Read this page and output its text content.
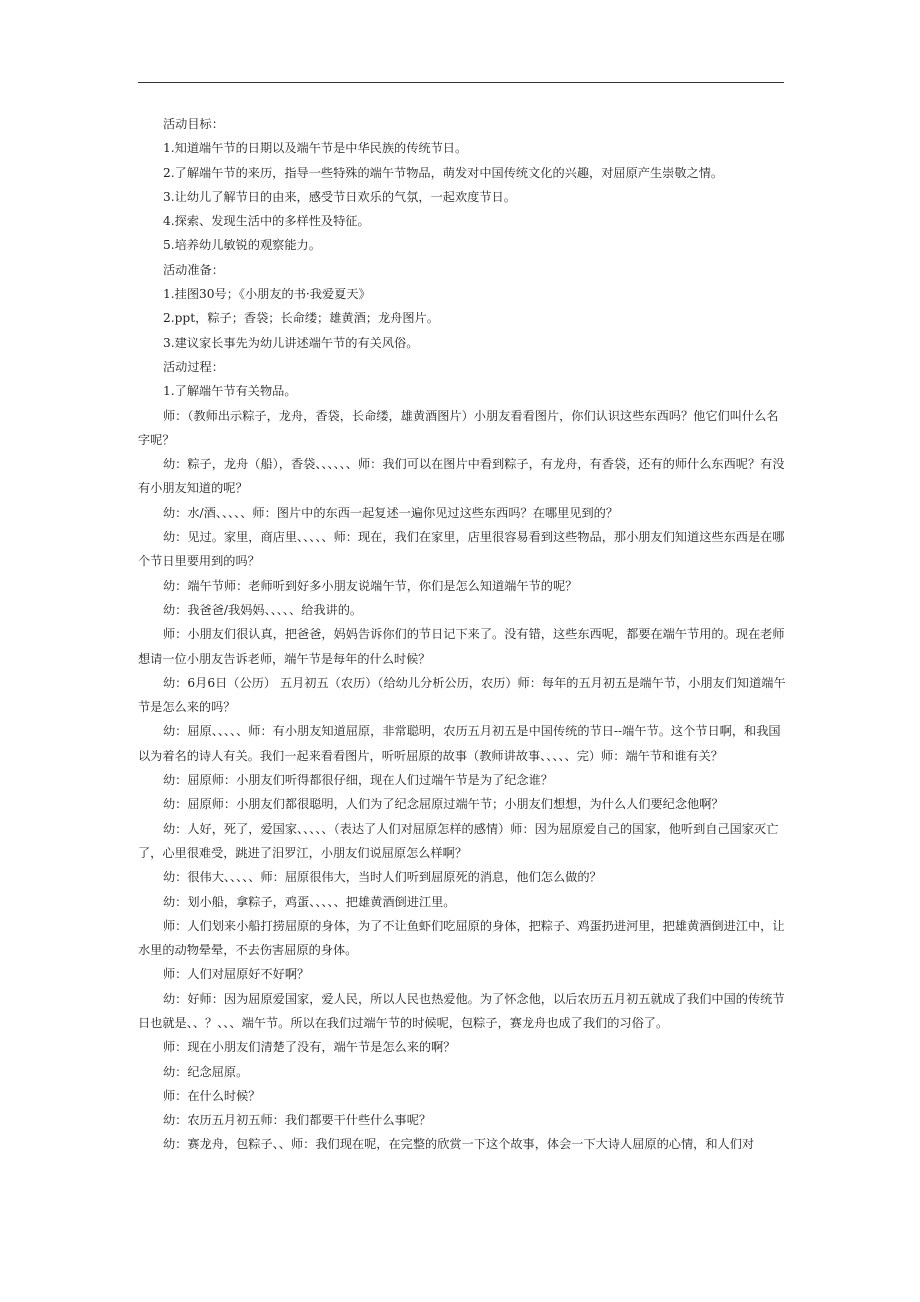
活动目标：

1.知道端午节的日期以及端午节是中华民族的传统节日。

2.了解端午节的来历，指导一些特殊的端午节物品，萌发对中国传统文化的兴趣，对屈原产生崇敬之情。

3.让幼儿了解节日的由来，感受节日欢乐的气氛，一起欢度节日。

4.探索、发现生活中的多样性及特征。

5.培养幼儿敏锐的观察能力。

活动准备：

1.挂图30号；《小朋友的书·我爱夏天》

2.ppt，粽子；香袋；长命缕；雄黄酒；龙舟图片。

3.建议家长事先为幼儿讲述端午节的有关风俗。

活动过程：

1.了解端午节有关物品。

师：（教师出示粽子，龙舟，香袋，长命缕，雄黄酒图片）小朋友看看图片，你们认识这些东西吗？他它们叫什么名字呢？

幼：粽子，龙舟（船），香袋、、、、、、师：我们可以在图片中看到粽子，有龙舟，有香袋，还有的师什么东西呢？有没有小朋友知道的呢？

幼：水/酒、、、、、师：图片中的东西一起复述一遍你见过这些东西吗？在哪里见到的？

幼：见过。家里，商店里、、、、、师：现在，我们在家里，店里很容易看到这些物品，那小朋友们知道这些东西是在哪个节日里要用到的吗？

幼：端午节师：老师听到好多小朋友说端午节，你们是怎么知道端午节的呢？

幼：我爸爸/我妈妈、、、、、给我讲的。

师：小朋友们很认真，把爸爸，妈妈告诉你们的节日记下来了。没有错，这些东西呢，都要在端午节用的。现在老师想请一位小朋友告诉老师，端午节是每年的什么时候？

幼：6月6日（公历） 五月初五（农历）（给幼儿分析公历，农历）师：每年的五月初五是端午节，小朋友们知道端午节是怎么来的吗？

幼：屈原、、、、、师：有小朋友知道屈原，非常聪明，农历五月初五是中国传统的节日--端午节。这个节日啊，和我国以为着名的诗人有关。我们一起来看看图片，听听屈原的故事（教师讲故事、、、、、完）师：端午节和谁有关？

幼：屈原师：小朋友们听得都很仔细，现在人们过端午节是为了纪念谁？

幼：屈原师：小朋友们都很聪明，人们为了纪念屈原过端午节；小朋友们想想，为什么人们要纪念他啊？

幼：人好，死了，爱国家、、、、、（表达了人们对屈原怎样的感情）师：因为屈原爱自己的国家，他听到自己国家灭亡了，心里很难受，跳进了汨罗江，小朋友们说屈原怎么样啊？

幼：很伟大、、、、、师：屈原很伟大，当时人们听到屈原死的消息，他们怎么做的？

幼：划小船，拿粽子，鸡蛋、、、、、把雄黄酒倒进江里。

师：人们划来小船打捞屈原的身体，为了不让鱼虾们吃屈原的身体，把粽子、鸡蛋扔进河里，把雄黄酒倒进江中，让水里的动物晕晕，不去伤害屈原的身体。

师：人们对屈原好不好啊？

幼：好师：因为屈原爱国家，爱人民，所以人民也热爱他。为了怀念他，以后农历五月初五就成了我们中国的传统节日也就是、、？、、、端午节。所以在我们过端午节的时候呢，包粽子，赛龙舟也成了我们的习俗了。

师：现在小朋友们清楚了没有，端午节是怎么来的啊？

幼：纪念屈原。

师：在什么时候？

幼：农历五月初五师：我们都要干什些什么事呢？

幼：赛龙舟，包粽子、、师：我们现在呢，在完整的欣赏一下这个故事，体会一下大诗人屈原的心情，和人们对
